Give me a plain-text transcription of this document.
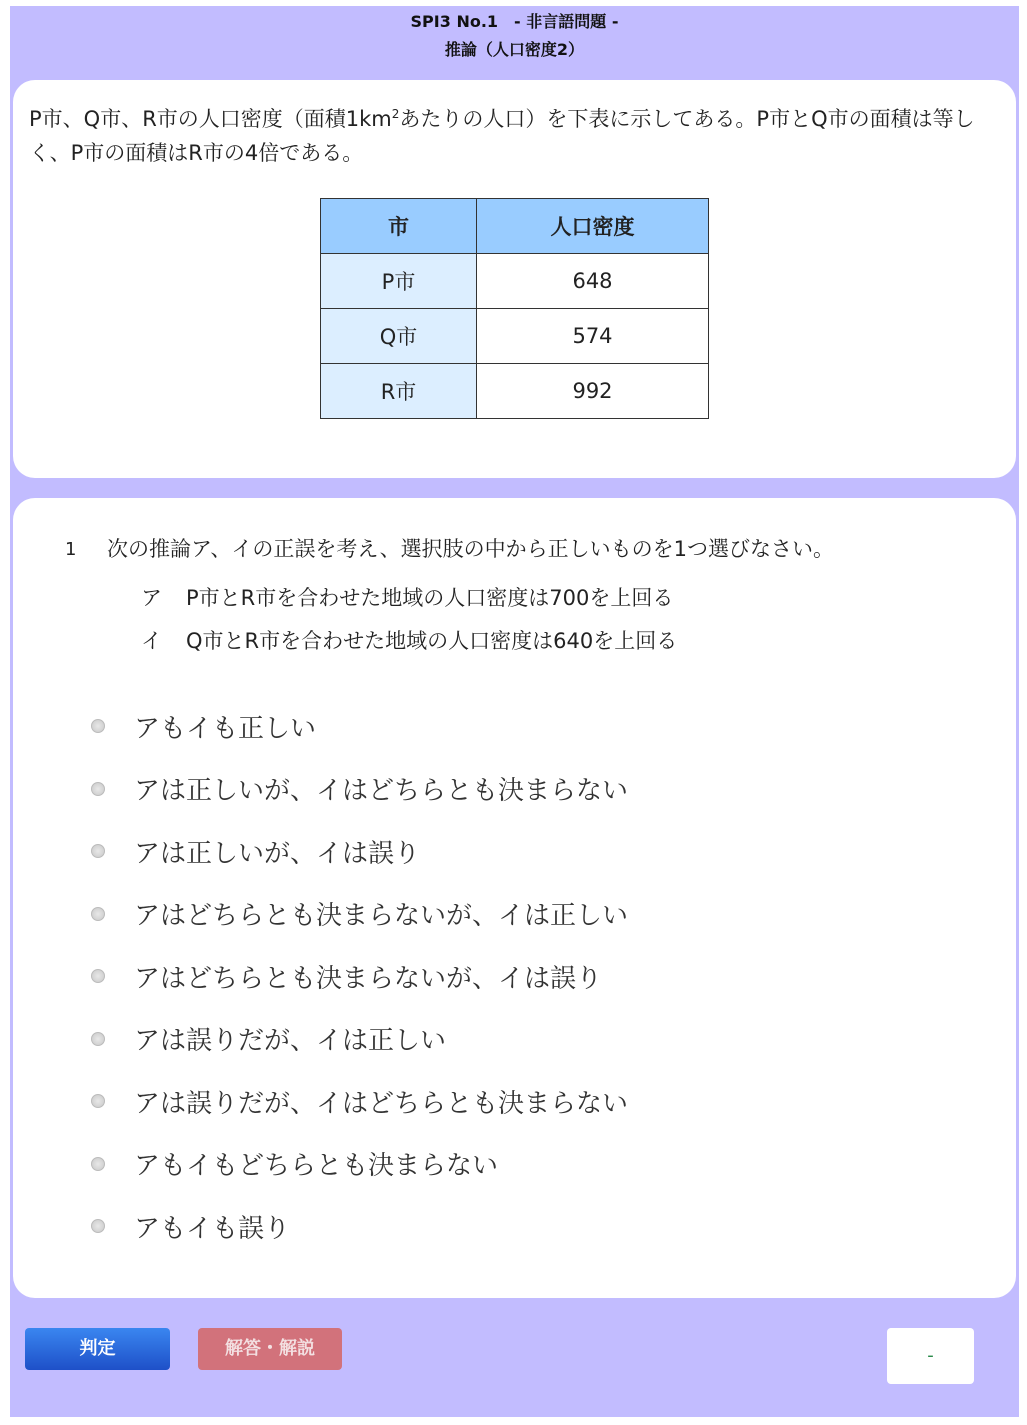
SPI3 No.1　- 非言語問題 -
推論（人口密度2）
P市、Q市、R市の人口密度（面積$1km^2$あたりの人口）を下表に示してある。P市とQ市の面積は等しく、P市の面積はR市の4倍である。
市	人口密度
P市	648
Q市	574
R市	992
1 次の推論ア、イの正誤を考え、選択肢の中から正しいものを1つ選びなさい。
ア P市とR市を合わせた地域の人口密度は700を上回る
イ Q市とR市を合わせた地域の人口密度は640を上回る
アもイも正しい
アは正しいが、イはどちらとも決まらない
アは正しいが、イは誤り
アはどちらとも決まらないが、イは正しい
アはどちらとも決まらないが、イは誤り
アは誤りだが、イは正しい
アは誤りだが、イはどちらとも決まらない
アもイもどちらとも決まらない
アもイも誤り
判定	解答・解説	-
